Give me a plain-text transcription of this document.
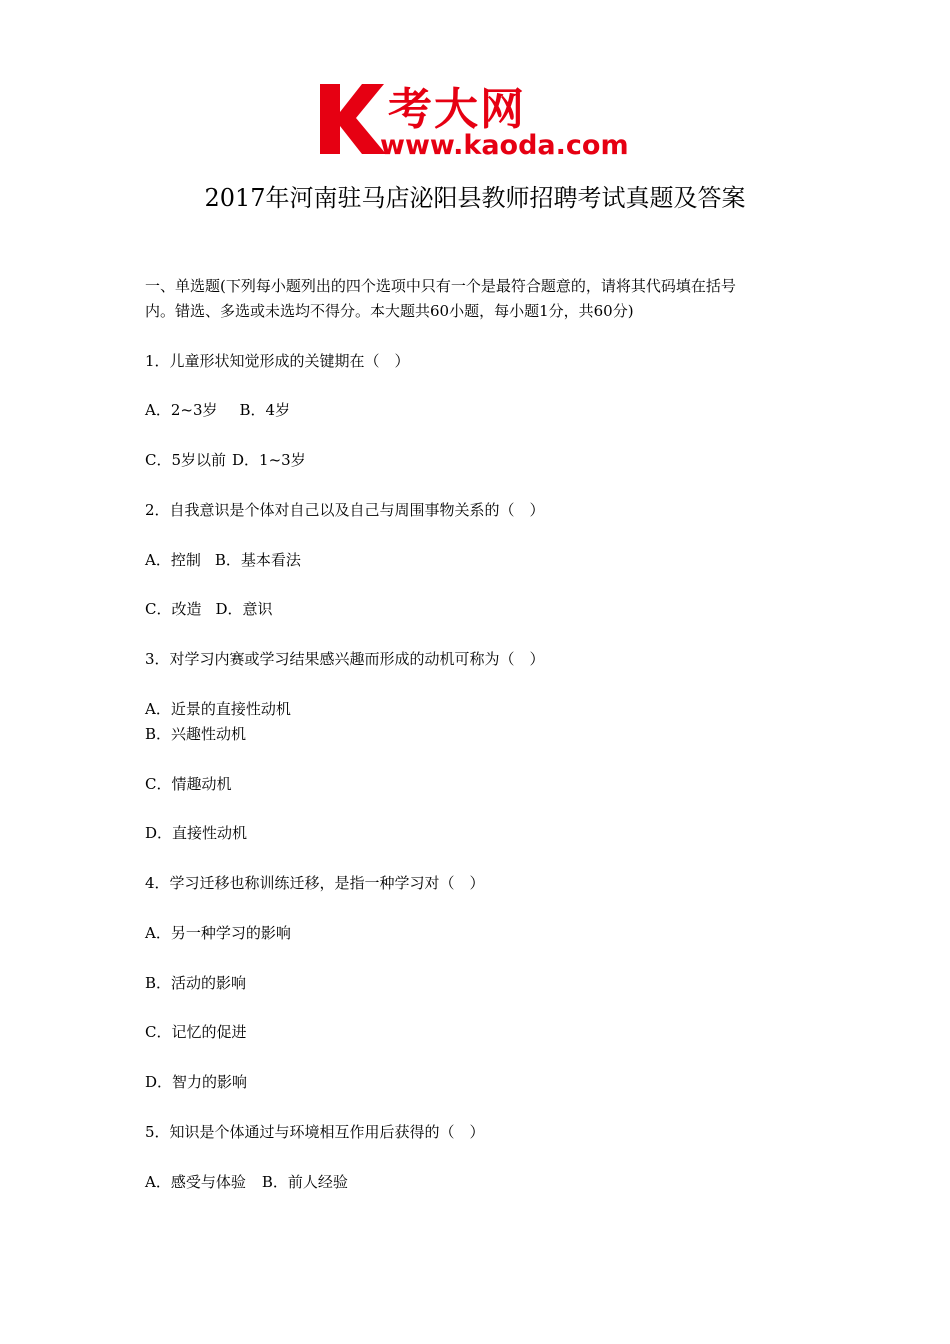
考大网
www.kaoda.com
2017年河南驻马店泌阳县教师招聘考试真题及答案
一、单选题(下列每小题列出的四个选项中只有一个是最符合题意的，请将其代码填在括号
内。错选、多选或未选均不得分。本大题共60小题，每小题1分，共60分)
1．儿童形状知觉形成的关键期在（　）
A．2~3岁 B．4岁
C．5岁以前 D．1~3岁
2．自我意识是个体对自己以及自己与周围事物关系的（　）
A．控制 B．基本看法
C．改造 D．意识
3．对学习内赛或学习结果感兴趣而形成的动机可称为（　）
A．近景的直接性动机
B．兴趣性动机
C．情趣动机
D．直接性动机
4．学习迁移也称训练迁移，是指一种学习对（　）
A．另一种学习的影响
B．活动的影响
C．记忆的促进
D．智力的影响
5．知识是个体通过与环境相互作用后获得的（　）
A．感受与体验 B．前人经验
